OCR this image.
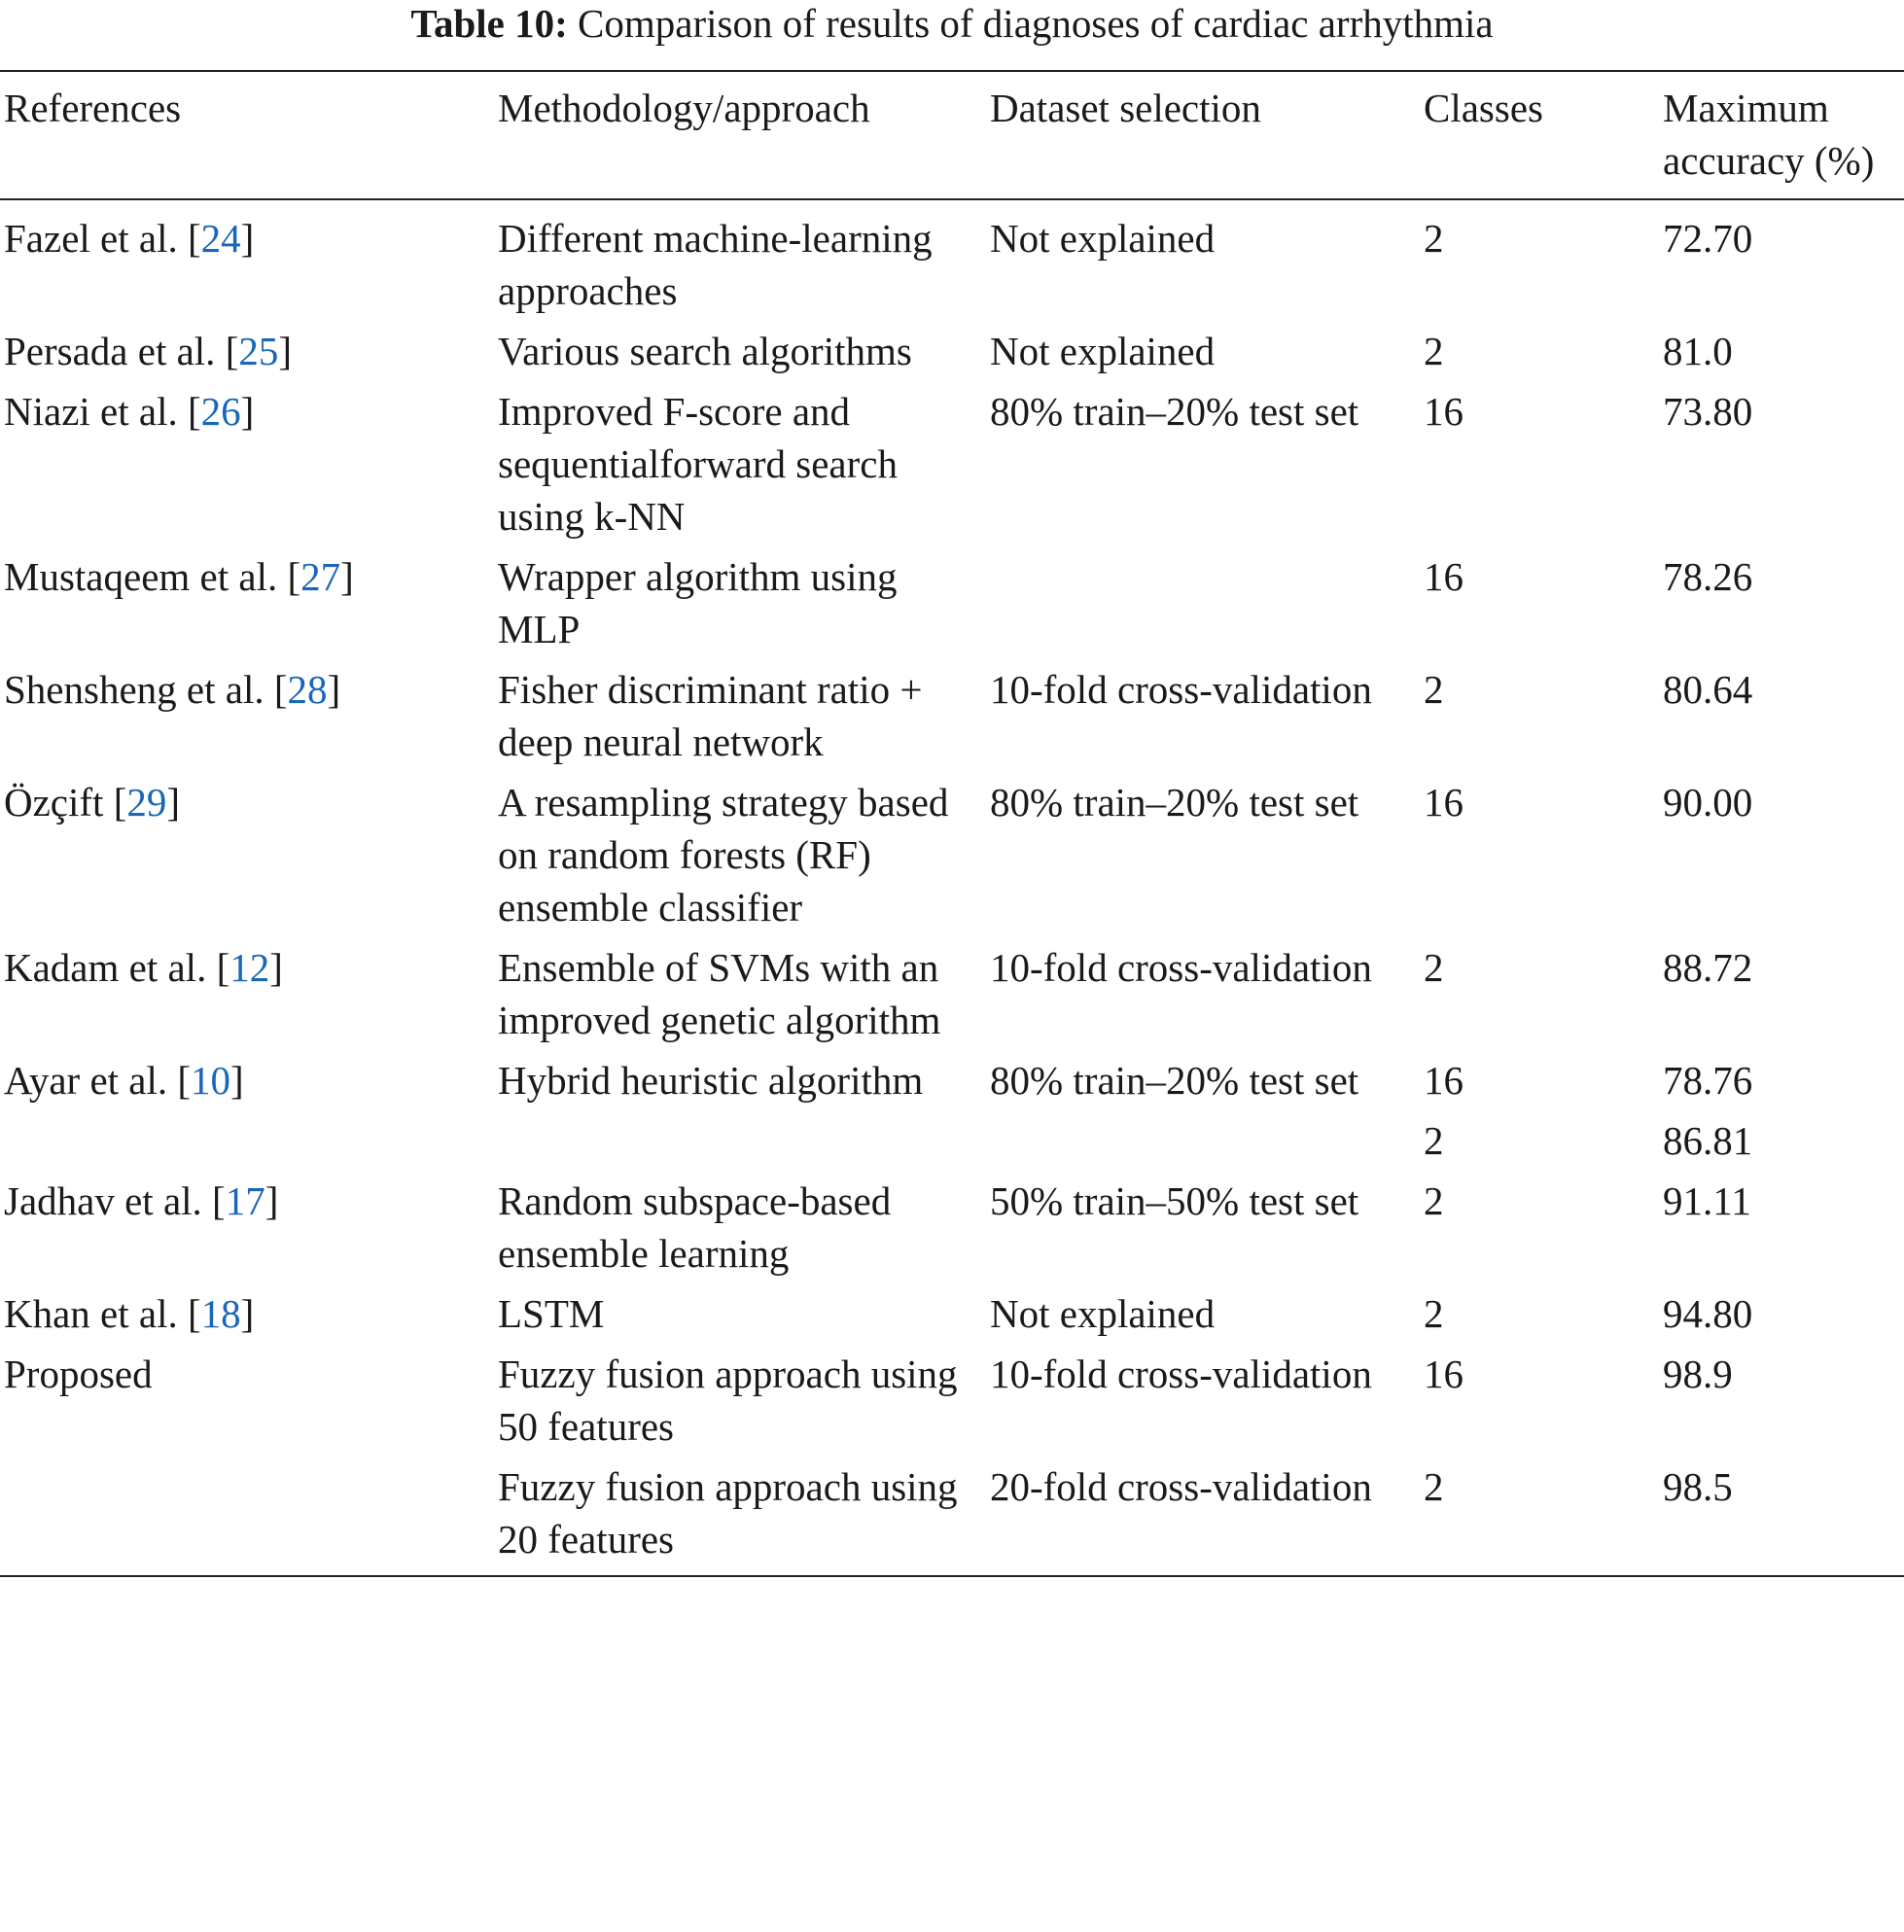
Table 10: Comparison of results of diagnoses of cardiac arrhythmia
References	Methodology/approach	Dataset selection	Classes	Maximum accuracy (%)
Fazel et al. [24]	Different machine-learning approaches	Not explained	2	72.70
Persada et al. [25]	Various search algorithms	Not explained	2	81.0
Niazi et al. [26]	Improved F-score and sequentialforward search using k-NN	80% train–20% test set	16	73.80
Mustaqeem et al. [27]	Wrapper algorithm using MLP		16	78.26
Shensheng et al. [28]	Fisher discriminant ratio + deep neural network	10-fold cross-validation	2	80.64
Özçift [29]	A resampling strategy based on random forests (RF) ensemble classifier	80% train–20% test set	16	90.00
Kadam et al. [12]	Ensemble of SVMs with an improved genetic algorithm	10-fold cross-validation	2	88.72
Ayar et al. [10]	Hybrid heuristic algorithm	80% train–20% test set	16	78.76
			2	86.81
Jadhav et al. [17]	Random subspace-based ensemble learning	50% train–50% test set	2	91.11
Khan et al. [18]	LSTM	Not explained	2	94.80
Proposed	Fuzzy fusion approach using 50 features	10-fold cross-validation	16	98.9
	Fuzzy fusion approach using 20 features	20-fold cross-validation	2	98.5
